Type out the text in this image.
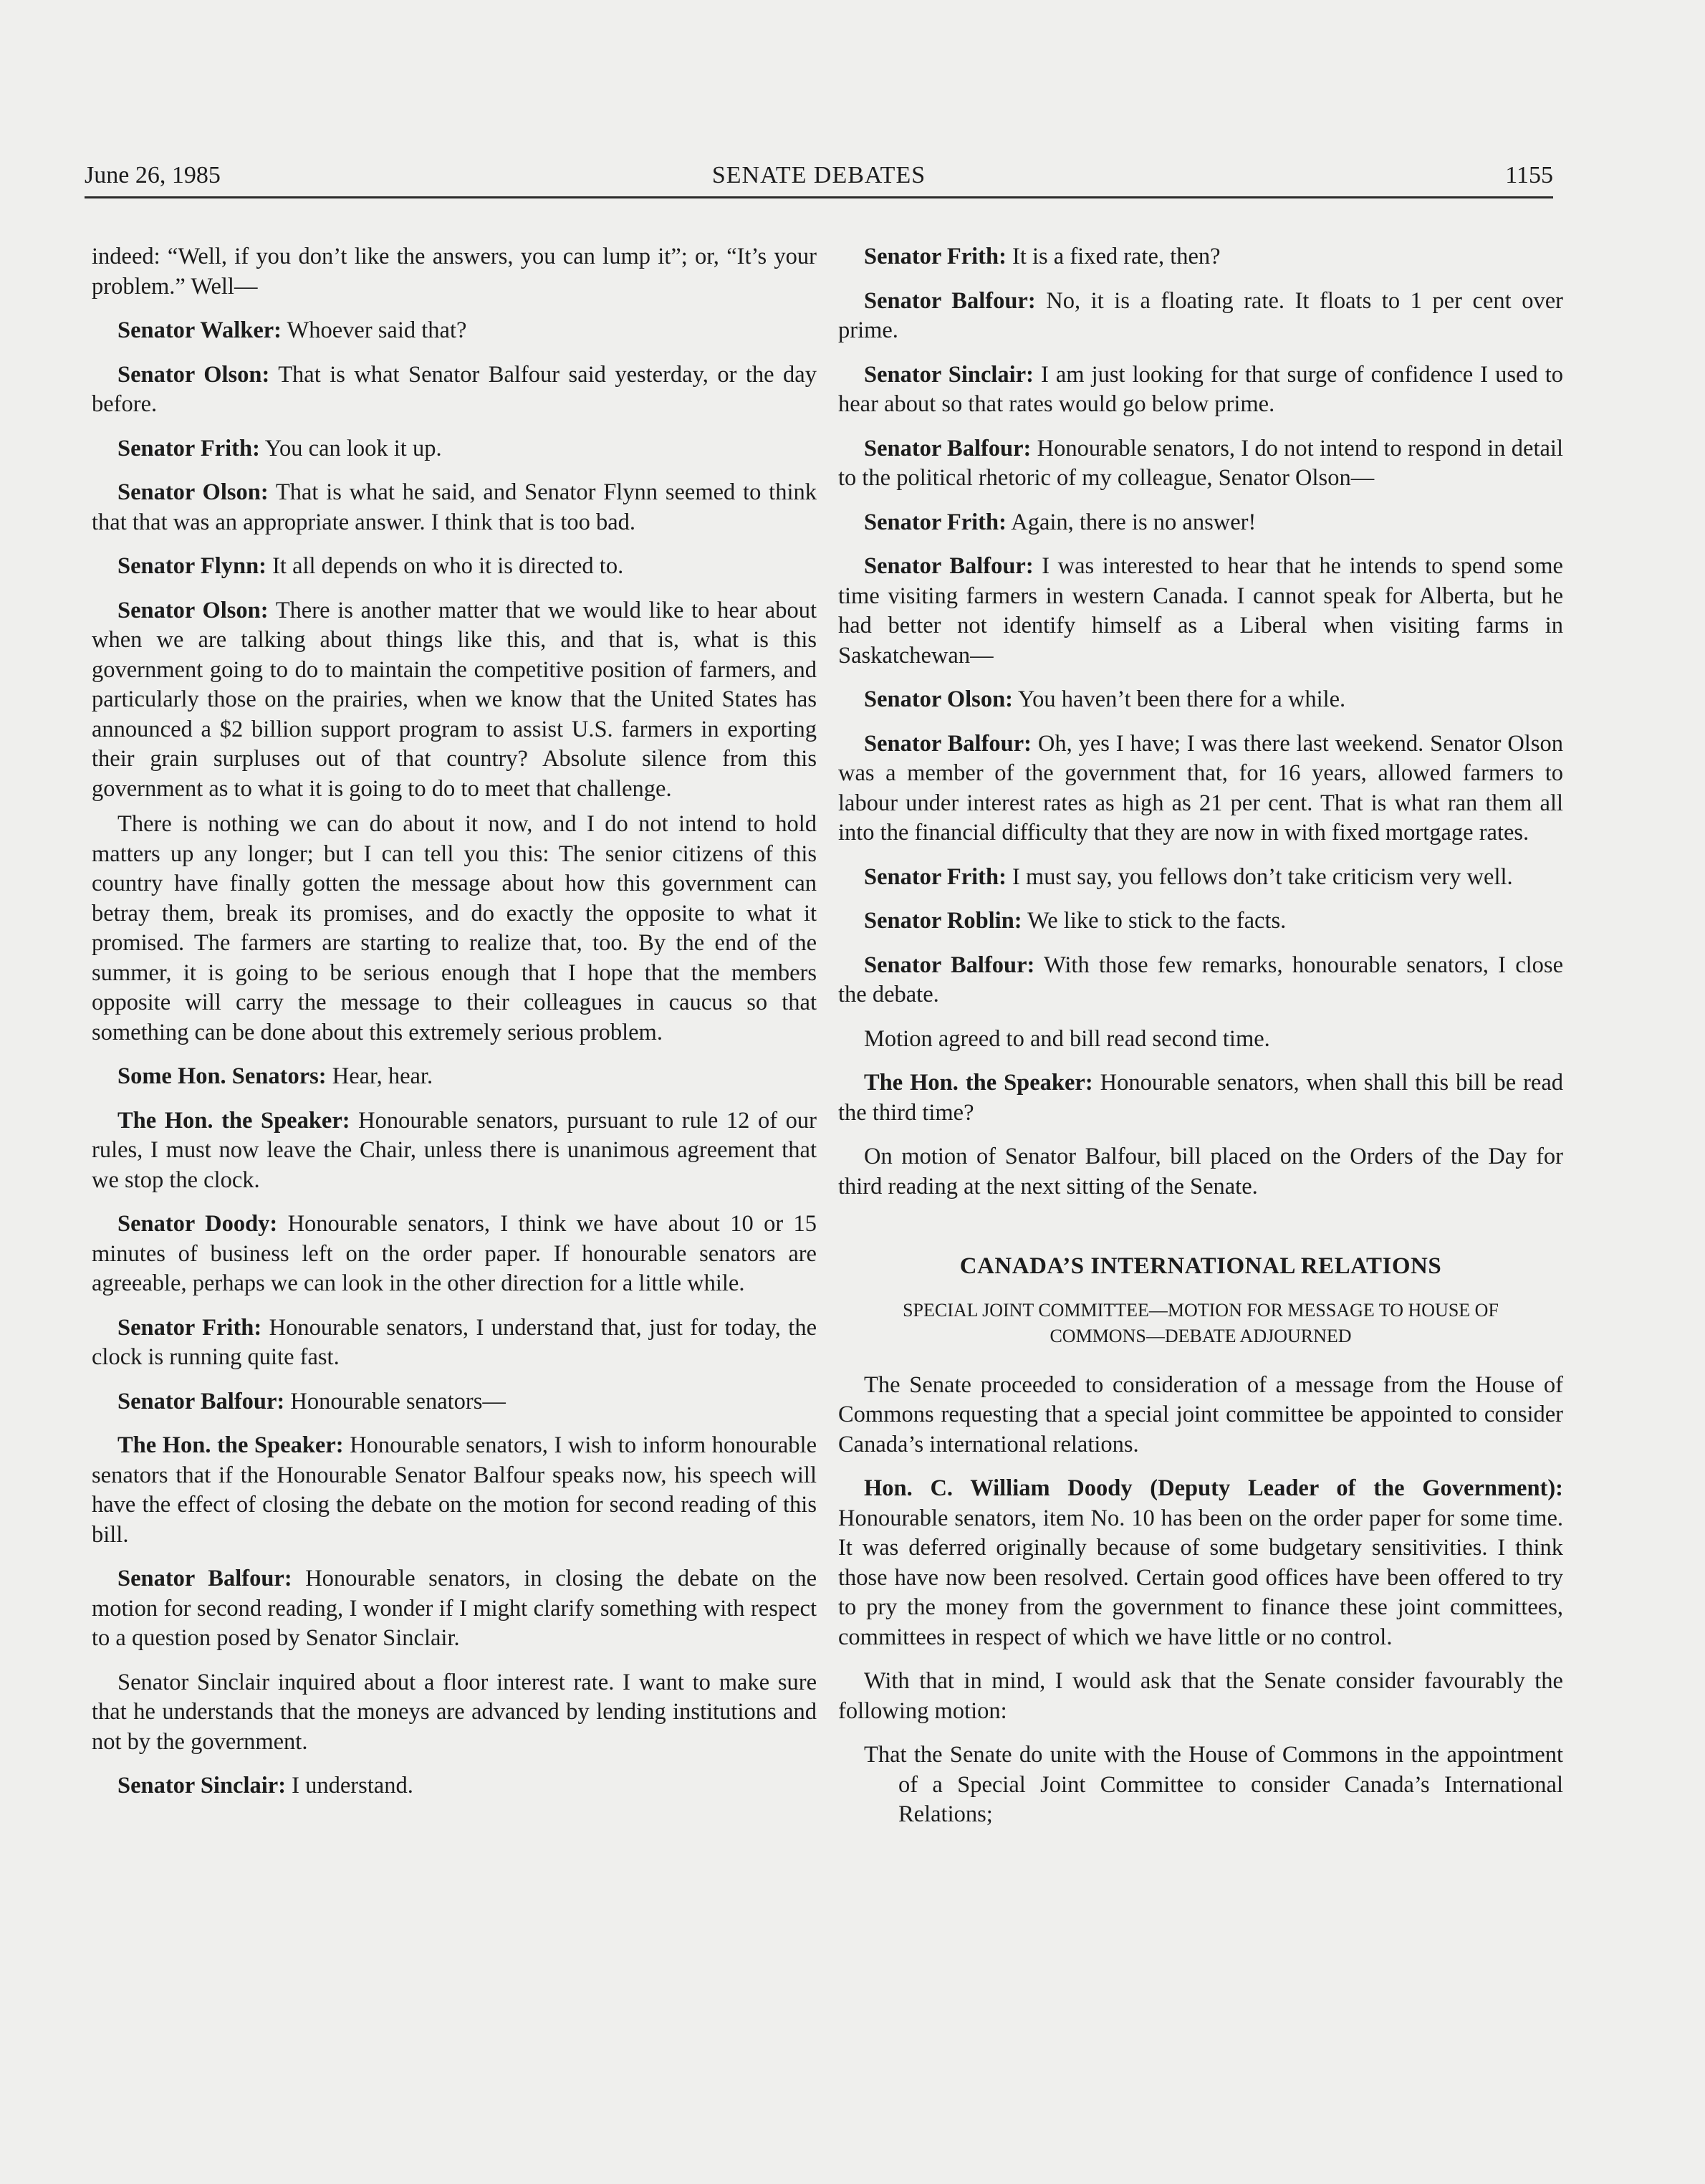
June 26, 1985	SENATE DEBATES	1155

indeed: “Well, if you don’t like the answers, you can lump it”; or, “It’s your problem.” Well—

Senator Walker: Whoever said that?

Senator Olson: That is what Senator Balfour said yesterday, or the day before.

Senator Frith: You can look it up.

Senator Olson: That is what he said, and Senator Flynn seemed to think that that was an appropriate answer. I think that is too bad.

Senator Flynn: It all depends on who it is directed to.

Senator Olson: There is another matter that we would like to hear about when we are talking about things like this, and that is, what is this government going to do to maintain the competitive position of farmers, and particularly those on the prairies, when we know that the United States has announced a $2 billion support program to assist U.S. farmers in exporting their grain surpluses out of that country? Absolute silence from this government as to what it is going to do to meet that challenge.

There is nothing we can do about it now, and I do not intend to hold matters up any longer; but I can tell you this: The senior citizens of this country have finally gotten the message about how this government can betray them, break its promises, and do exactly the opposite to what it promised. The farmers are starting to realize that, too. By the end of the summer, it is going to be serious enough that I hope that the members opposite will carry the message to their colleagues in caucus so that something can be done about this extremely serious problem.

Some Hon. Senators: Hear, hear.

The Hon. the Speaker: Honourable senators, pursuant to rule 12 of our rules, I must now leave the Chair, unless there is unanimous agreement that we stop the clock.

Senator Doody: Honourable senators, I think we have about 10 or 15 minutes of business left on the order paper. If honourable senators are agreeable, perhaps we can look in the other direction for a little while.

Senator Frith: Honourable senators, I understand that, just for today, the clock is running quite fast.

Senator Balfour: Honourable senators—

The Hon. the Speaker: Honourable senators, I wish to inform honourable senators that if the Honourable Senator Balfour speaks now, his speech will have the effect of closing the debate on the motion for second reading of this bill.

Senator Balfour: Honourable senators, in closing the debate on the motion for second reading, I wonder if I might clarify something with respect to a question posed by Senator Sinclair.

Senator Sinclair inquired about a floor interest rate. I want to make sure that he understands that the moneys are advanced by lending institutions and not by the government.

Senator Sinclair: I understand.

Senator Frith: It is a fixed rate, then?

Senator Balfour: No, it is a floating rate. It floats to 1 per cent over prime.

Senator Sinclair: I am just looking for that surge of confidence I used to hear about so that rates would go below prime.

Senator Balfour: Honourable senators, I do not intend to respond in detail to the political rhetoric of my colleague, Senator Olson—

Senator Frith: Again, there is no answer!

Senator Balfour: I was interested to hear that he intends to spend some time visiting farmers in western Canada. I cannot speak for Alberta, but he had better not identify himself as a Liberal when visiting farms in Saskatchewan—

Senator Olson: You haven’t been there for a while.

Senator Balfour: Oh, yes I have; I was there last weekend. Senator Olson was a member of the government that, for 16 years, allowed farmers to labour under interest rates as high as 21 per cent. That is what ran them all into the financial difficulty that they are now in with fixed mortgage rates.

Senator Frith: I must say, you fellows don’t take criticism very well.

Senator Roblin: We like to stick to the facts.

Senator Balfour: With those few remarks, honourable senators, I close the debate.

Motion agreed to and bill read second time.

The Hon. the Speaker: Honourable senators, when shall this bill be read the third time?

On motion of Senator Balfour, bill placed on the Orders of the Day for third reading at the next sitting of the Senate.

CANADA’S INTERNATIONAL RELATIONS
SPECIAL JOINT COMMITTEE—MOTION FOR MESSAGE TO HOUSE OF COMMONS—DEBATE ADJOURNED

The Senate proceeded to consideration of a message from the House of Commons requesting that a special joint committee be appointed to consider Canada’s international relations.

Hon. C. William Doody (Deputy Leader of the Government): Honourable senators, item No. 10 has been on the order paper for some time. It was deferred originally because of some budgetary sensitivities. I think those have now been resolved. Certain good offices have been offered to try to pry the money from the government to finance these joint committees, committees in respect of which we have little or no control.

With that in mind, I would ask that the Senate consider favourably the following motion:

That the Senate do unite with the House of Commons in the appointment of a Special Joint Committee to consider Canada’s International Relations;
